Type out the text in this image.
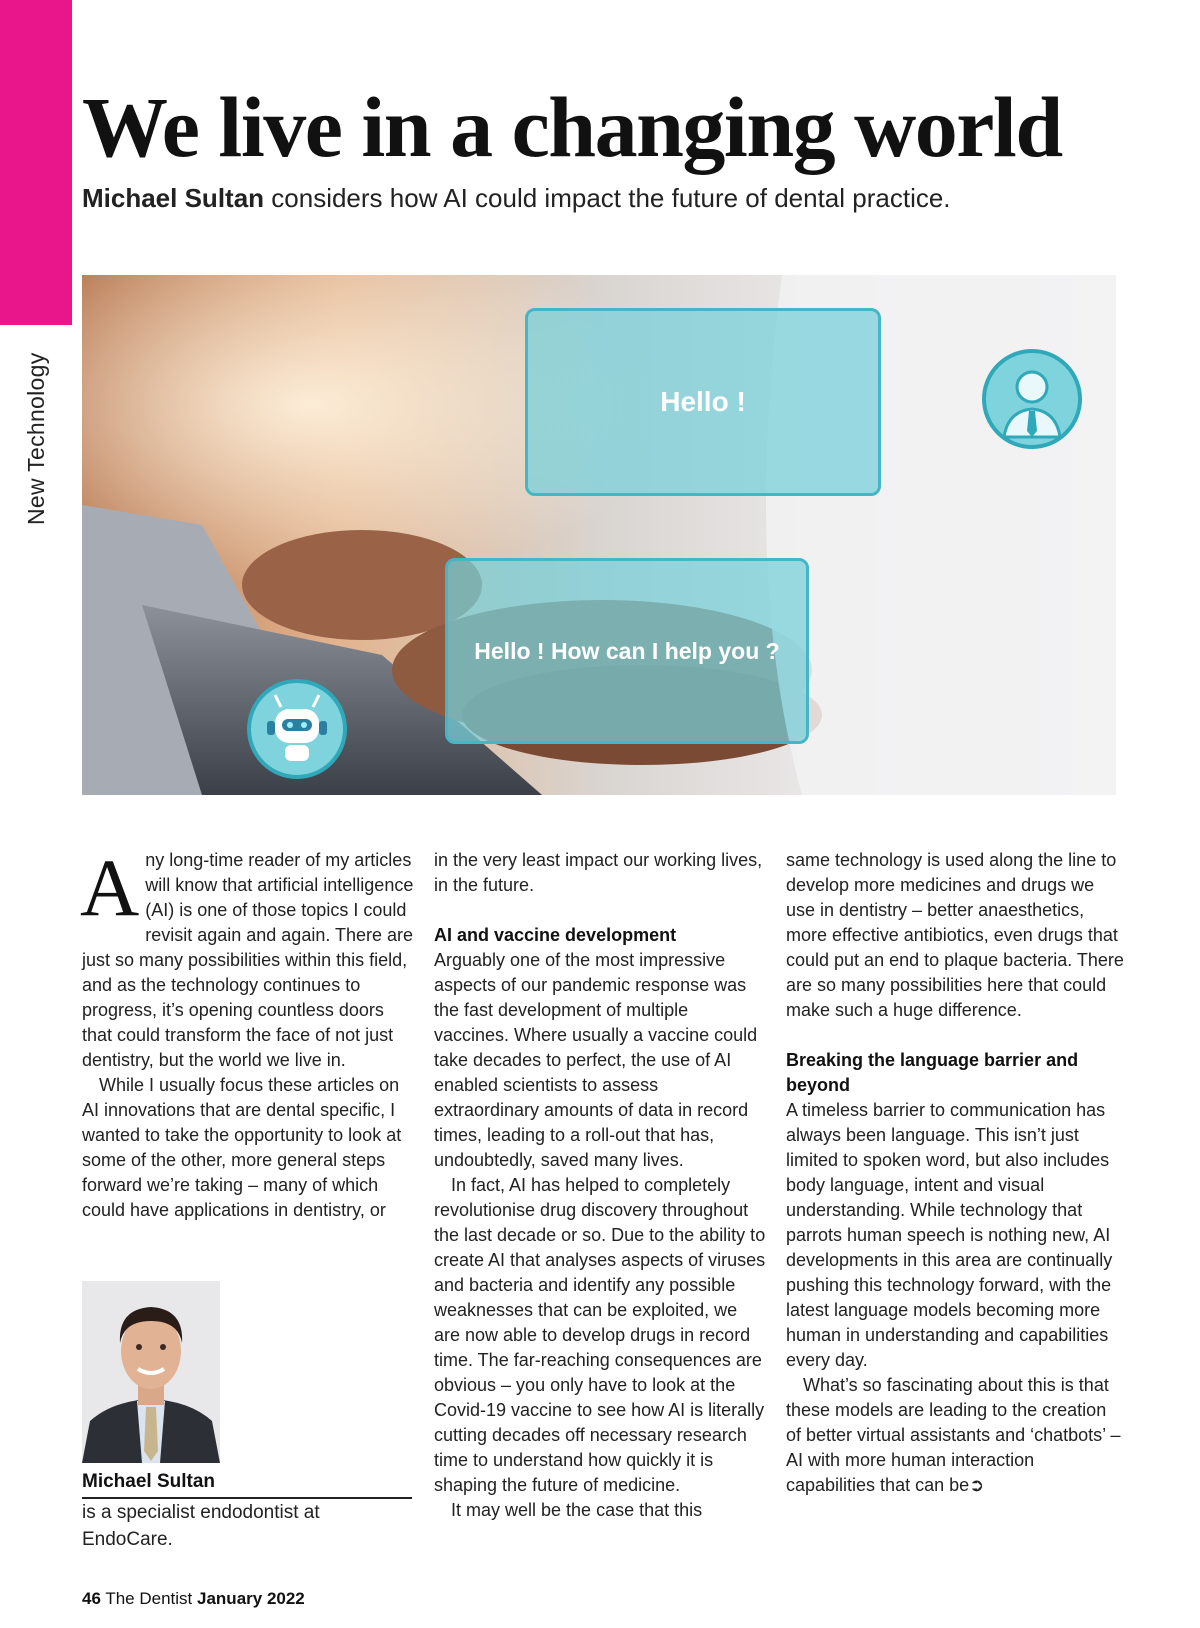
New Technology
We live in a changing world
Michael Sultan considers how AI could impact the future of dental practice.
Hello !
Hello ! How can I help you ?

Any long-time reader of my articles will know that artificial intelligence (AI) is one of those topics I could revisit again and again. There are just so many possibilities within this field, and as the technology continues to progress, it’s opening countless doors that could transform the face of not just dentistry, but the world we live in.

While I usually focus these articles on AI innovations that are dental specific, I wanted to take the opportunity to look at some of the other, more general steps forward we’re taking – many of which could have applications in dentistry, or

in the very least impact our working lives, in the future.

AI and vaccine development

Arguably one of the most impressive aspects of our pandemic response was the fast development of multiple vaccines. Where usually a vaccine could take decades to perfect, the use of AI enabled scientists to assess extraordinary amounts of data in record times, leading to a roll-out that has, undoubtedly, saved many lives.

In fact, AI has helped to completely revolutionise drug discovery throughout the last decade or so. Due to the ability to create AI that analyses aspects of viruses and bacteria and identify any possible weaknesses that can be exploited, we are now able to develop drugs in record time. The far-reaching consequences are obvious – you only have to look at the Covid-19 vaccine to see how AI is literally cutting decades off necessary research time to understand how quickly it is shaping the future of medicine.

It may well be the case that this

same technology is used along the line to develop more medicines and drugs we use in dentistry – better anaesthetics, more effective antibiotics, even drugs that could put an end to plaque bacteria. There are so many possibilities here that could make such a huge difference.

Breaking the language barrier and beyond

A timeless barrier to communication has always been language. This isn’t just limited to spoken word, but also includes body language, intent and visual understanding. While technology that parrots human speech is nothing new, AI developments in this area are continually pushing this technology forward, with the latest language models becoming more human in understanding and capabilities every day.

What’s so fascinating about this is that these models are leading to the creation of better virtual assistants and ‘chatbots’ – AI with more human interaction capabilities that can be➲

Michael Sultan
is a specialist endodontist at EndoCare.
46 The Dentist January 2022
